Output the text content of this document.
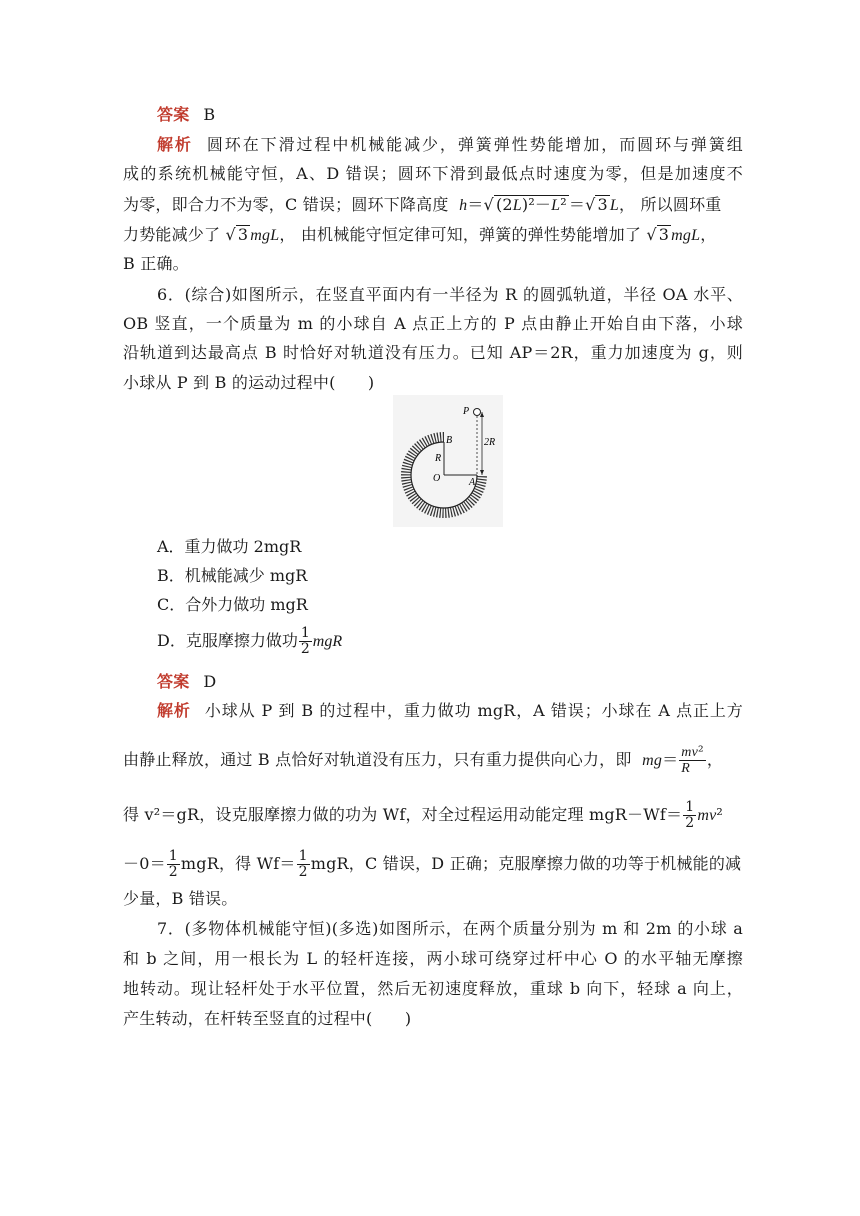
答案 B
解析 圆环在下滑过程中机械能减少，弹簧弹性势能增加，而圆环与弹簧组
成的系统机械能守恒，A、D 错误；圆环下滑到最低点时速度为零，但是加速度不
为零，即合力不为零，C 错误；圆环下降高度 h＝√ (2L)²－L² ＝√ 3 L， 所以圆环重
力势能减少了 √ 3 mgL， 由机械能守恒定律可知，弹簧的弹性势能增加了 √ 3 mgL，
B 正确。
6．(综合)如图所示，在竖直平面内有一半径为 R 的圆弧轨道，半径 OA 水平、
OB 竖直，一个质量为 m 的小球自 A 点正上方的 P 点由静止开始自由下落，小球
沿轨道到达最高点 B 时恰好对轨道没有压力。已知 AP＝2R，重力加速度为 g，则
小球从 P 到 B 的运动过程中(　　)
P
2R
B
R
O	A
A．重力做功 2mgR
B．机械能减少 mgR
C．合外力做功 mgR
D．克服摩擦力做功 $\frac{1}{2}$ mgR
答案 D
解析 小球从 P 到 B 的过程中，重力做功 mgR，A 错误；小球在 A 点正上方
由静止释放，通过 B 点恰好对轨道没有压力，只有重力提供向心力，即 $mg= \frac{\text{mv²}}{R}$ ，
得 v²＝gR，设克服摩擦力做的功为 Wf，对全过程运用动能定理 $mgR-Wf= \frac{1}{2} mv^2$
$-0= \frac{1}{2}$ mgR，得 $Wf= \frac{1}{2}$ mgR，C 错误，D 正确；克服摩擦力做的功等于机械能的减
少量，B 错误。
7．(多物体机械能守恒)(多选)如图所示，在两个质量分别为 m 和 2m 的小球 a
和 b 之间，用一根长为 L 的轻杆连接，两小球可绕穿过杆中心 O 的水平轴无摩擦
地转动。现让轻杆处于水平位置，然后无初速度释放，重球 b 向下，轻球 a 向上，
产生转动，在杆转至竖直的过程中(　　)
